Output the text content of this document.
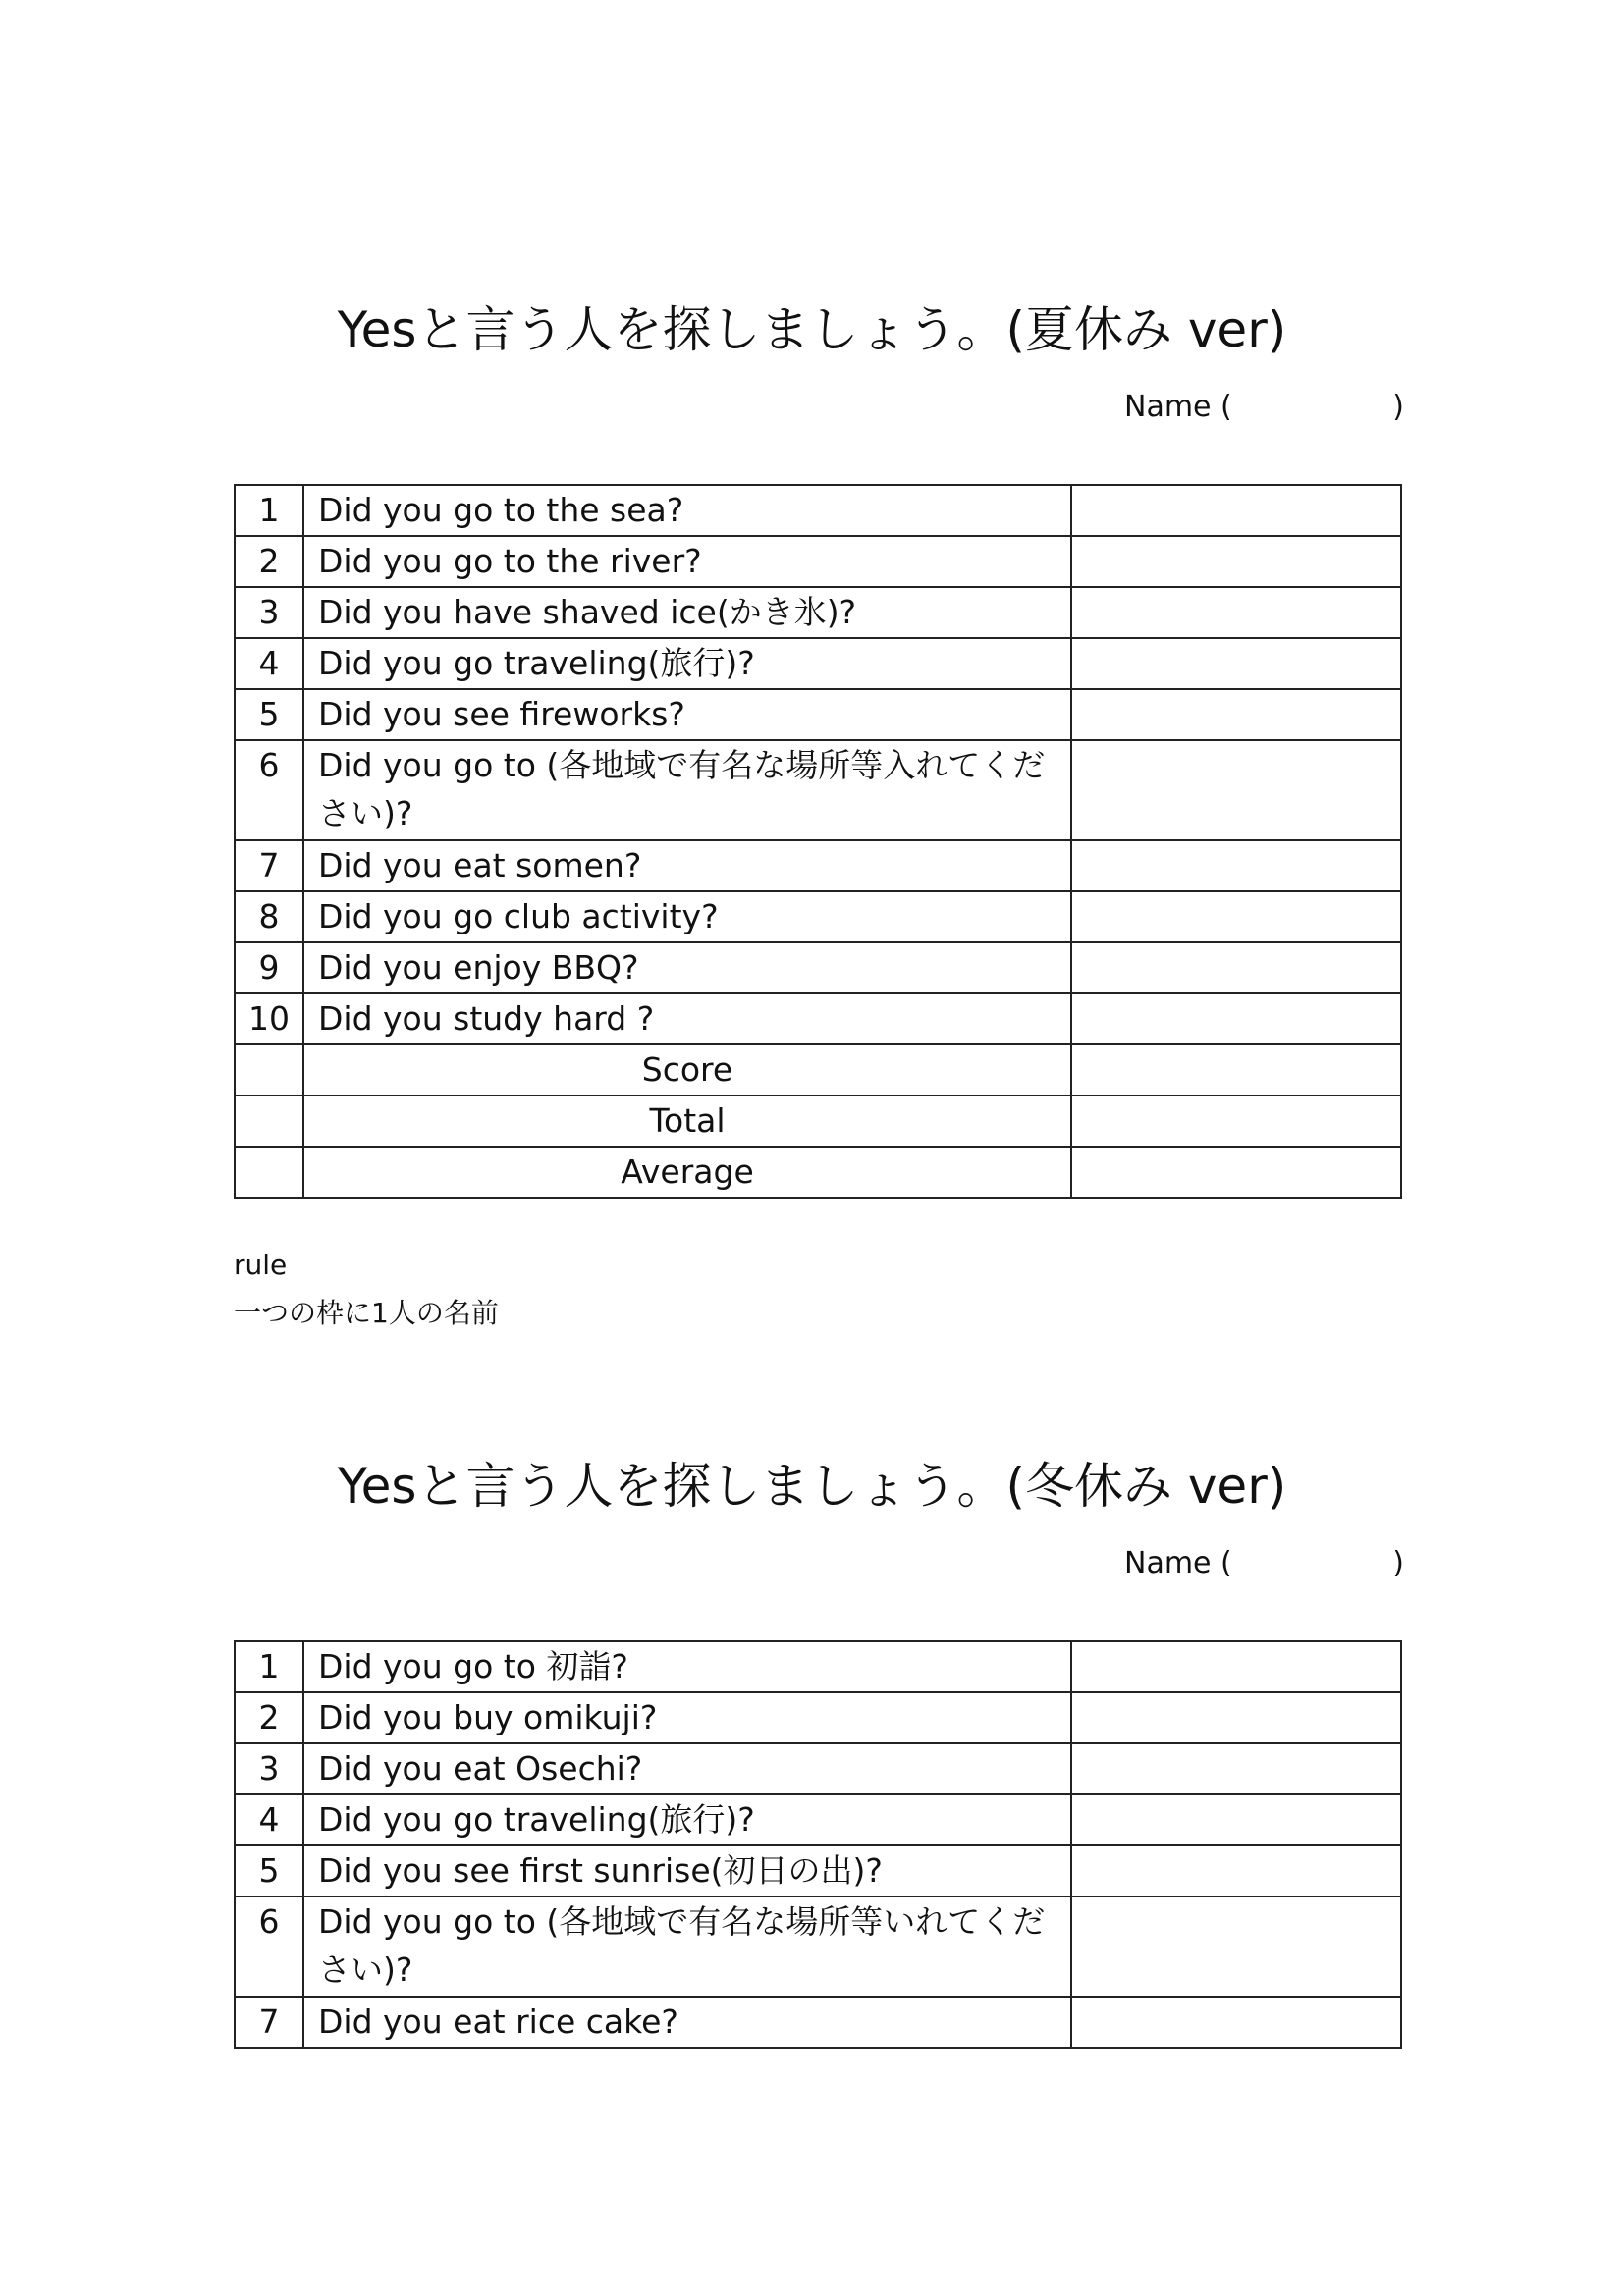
Yesと言う人を探しましょう。(夏休み ver)
Name (	)
1	Did you go to the sea?	
2	Did you go to the river?	
3	Did you have shaved ice(かき氷)?	
4	Did you go traveling(旅行)?	
5	Did you see fireworks?	
6	Did you go to (各地域で有名な場所等入れてください)?	
7	Did you eat somen?	
8	Did you go club activity?	
9	Did you enjoy BBQ?	
10	Did you study hard ?	
	Score	
	Total	
	Average	
rule
一つの枠に1人の名前
Yesと言う人を探しましょう。(冬休み ver)
Name (	)
1	Did you go to 初詣?	
2	Did you buy omikuji?	
3	Did you eat Osechi?	
4	Did you go traveling(旅行)?	
5	Did you see first sunrise(初日の出)?	
6	Did you go to (各地域で有名な場所等いれてください)?	
7	Did you eat rice cake?	
